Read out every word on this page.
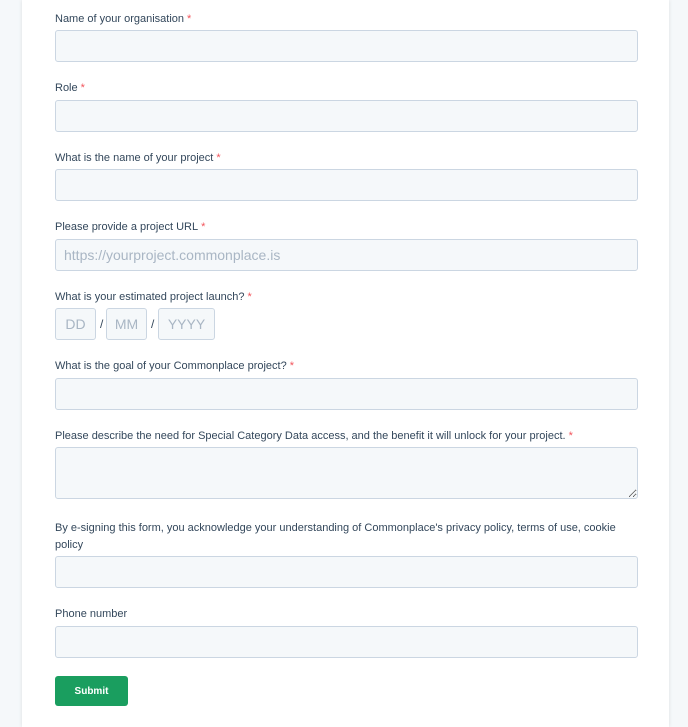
Name of your organisation *
Role *
What is the name of your project *
Please provide a project URL *
https://yourproject.commonplace.is
What is your estimated project launch? *
DD
/
MM	/
YYYY
What is the goal of your Commonplace project? *
Please describe the need for Special Category Data access, and the benefit it will unlock for your project. *
By e-signing this form, you acknowledge your understanding of Commonplace's privacy policy, terms of use, cookie policy
Phone number
Submit
